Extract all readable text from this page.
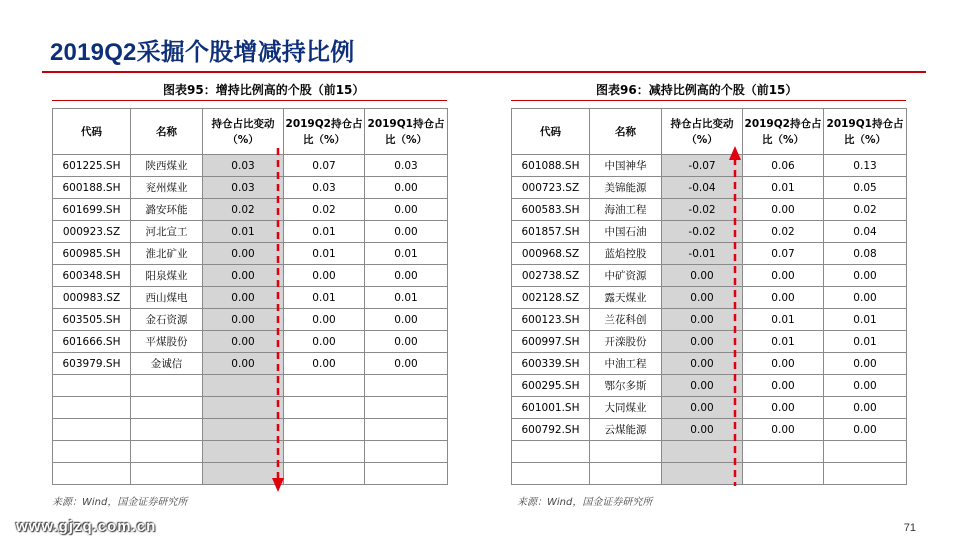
2019Q2采掘个股增减持比例
图表95：增持比例高的个股（前15）
代码	名称	持仓占比变动（%）	2019Q2持仓占比（%）	2019Q1持仓占比（%）
601225.SH	陕西煤业	0.03	0.07	0.03
600188.SH	兖州煤业	0.03	0.03	0.00
601699.SH	潞安环能	0.02	0.02	0.00
000923.SZ	河北宣工	0.01	0.01	0.00
600985.SH	淮北矿业	0.00	0.01	0.01
600348.SH	阳泉煤业	0.00	0.00	0.00
000983.SZ	西山煤电	0.00	0.01	0.01
603505.SH	金石资源	0.00	0.00	0.00
601666.SH	平煤股份	0.00	0.00	0.00
603979.SH	金诚信	0.00	0.00	0.00

来源：Wind，国金证券研究所
图表96：减持比例高的个股（前15）
代码	名称	持仓占比变动（%）	2019Q2持仓占比（%）	2019Q1持仓占比（%）
601088.SH	中国神华	-0.07	0.06	0.13
000723.SZ	美锦能源	-0.04	0.01	0.05
600583.SH	海油工程	-0.02	0.00	0.02
601857.SH	中国石油	-0.02	0.02	0.04
000968.SZ	蓝焰控股	-0.01	0.07	0.08
002738.SZ	中矿资源	0.00	0.00	0.00
002128.SZ	露天煤业	0.00	0.00	0.00
600123.SH	兰花科创	0.00	0.01	0.01
600997.SH	开滦股份	0.00	0.01	0.01
600339.SH	中油工程	0.00	0.00	0.00
600295.SH	鄂尔多斯	0.00	0.00	0.00
601001.SH	大同煤业	0.00	0.00	0.00
600792.SH	云煤能源	0.00	0.00	0.00

来源：Wind，国金证券研究所
www.gjzq.com.cn	71
